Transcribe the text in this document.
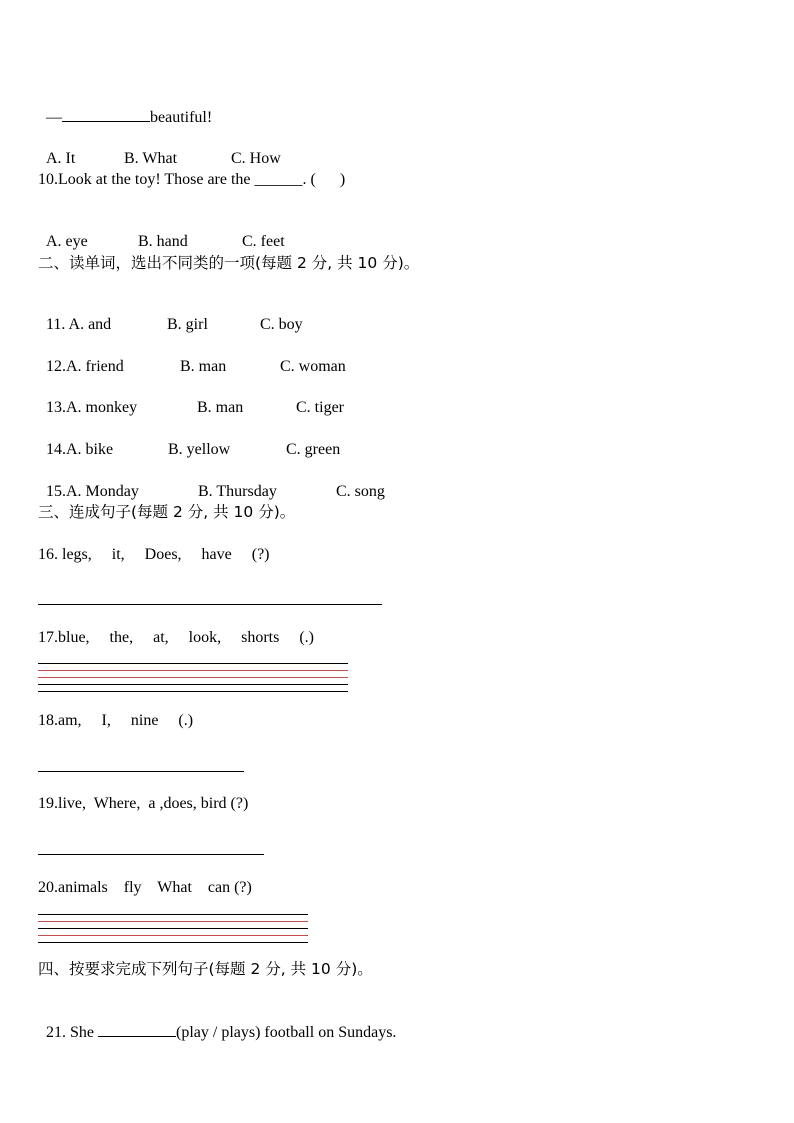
—	beautiful!

A. It	B. What	C. How

10.Look at the toy! Those are the ______. (      )

A. eye	B. hand	C. feet

二、读单词，选出不同类的一项(每题 2 分, 共 10 分)。

11. A. and	B. girl	C. boy

12.A. friend	B. man	C. woman

13.A. monkey	B. man	C. tiger

14.A. bike	B. yellow	C. green

15.A. Monday	B. Thursday	C. song

三、连成句子(每题 2 分, 共 10 分)。
16. legs,     it,     Does,     have     (?)
17.blue,     the,     at,     look,     shorts     (.)
18.am,     I,     nine     (.)
19.live,  Where,  a ,does, bird (?)
20.animals    fly    What    can (?)
四、按要求完成下列句子(每题 2 分, 共 10 分)。

21. She	(play / plays) football on Sundays.
